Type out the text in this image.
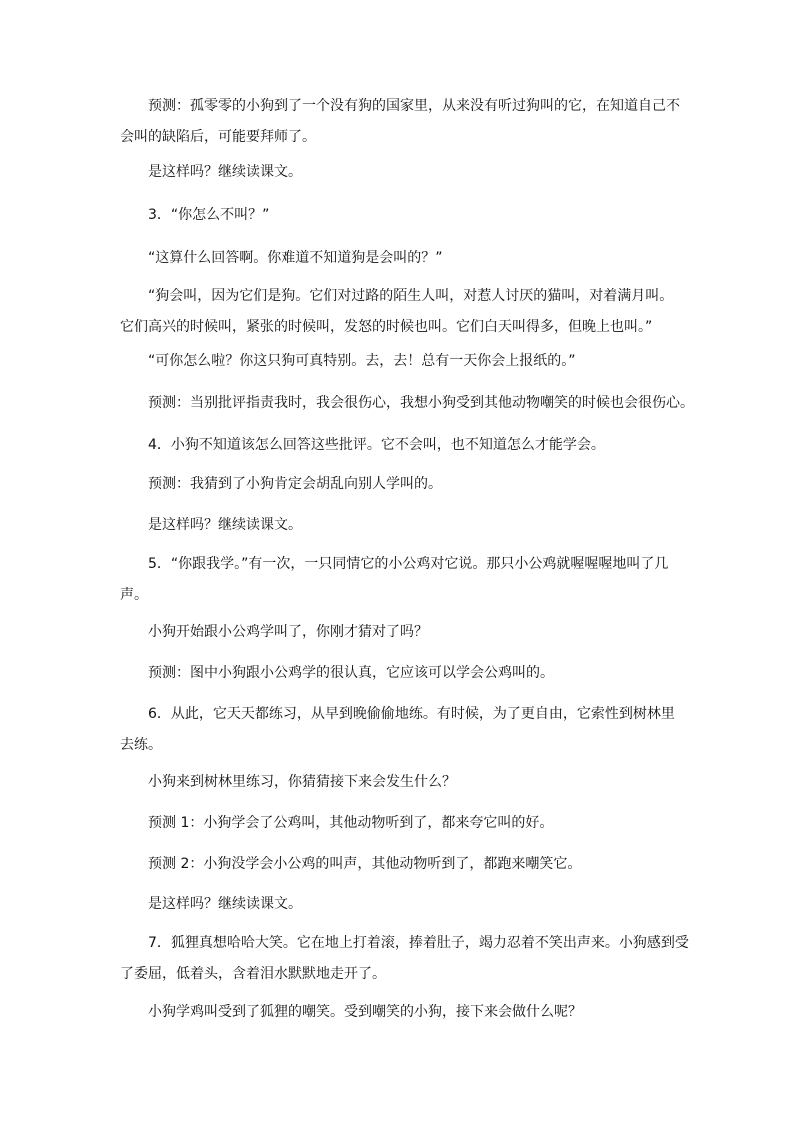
预测：孤零零的小狗到了一个没有狗的国家里，从来没有听过狗叫的它，在知道自己不
会叫的缺陷后，可能要拜师了。

是这样吗？继续读课文。

3．“你怎么不叫？”

“这算什么回答啊。你难道不知道狗是会叫的？”

“狗会叫，因为它们是狗。它们对过路的陌生人叫，对惹人讨厌的猫叫，对着满月叫。
它们高兴的时候叫，紧张的时候叫，发怒的时候也叫。它们白天叫得多，但晚上也叫。”

“可你怎么啦？你这只狗可真特别。去，去！总有一天你会上报纸的。”

预测：当别批评指责我时，我会很伤心，我想小狗受到其他动物嘲笑的时候也会很伤心。

4．小狗不知道该怎么回答这些批评。它不会叫，也不知道怎么才能学会。

预测：我猜到了小狗肯定会胡乱向别人学叫的。

是这样吗？继续读课文。

5．“你跟我学。”有一次，一只同情它的小公鸡对它说。那只小公鸡就喔喔喔地叫了几
声。

小狗开始跟小公鸡学叫了，你刚才猜对了吗？

预测：图中小狗跟小公鸡学的很认真，它应该可以学会公鸡叫的。

6．从此，它天天都练习，从早到晚偷偷地练。有时候，为了更自由，它索性到树林里
去练。

小狗来到树林里练习，你猜猜接下来会发生什么？

预测 1：小狗学会了公鸡叫，其他动物听到了，都来夸它叫的好。

预测 2：小狗没学会小公鸡的叫声，其他动物听到了，都跑来嘲笑它。

是这样吗？继续读课文。

7．狐狸真想哈哈大笑。它在地上打着滚，捧着肚子，竭力忍着不笑出声来。小狗感到受
了委屈，低着头，含着泪水默默地走开了。

小狗学鸡叫受到了狐狸的嘲笑。受到嘲笑的小狗，接下来会做什么呢？
